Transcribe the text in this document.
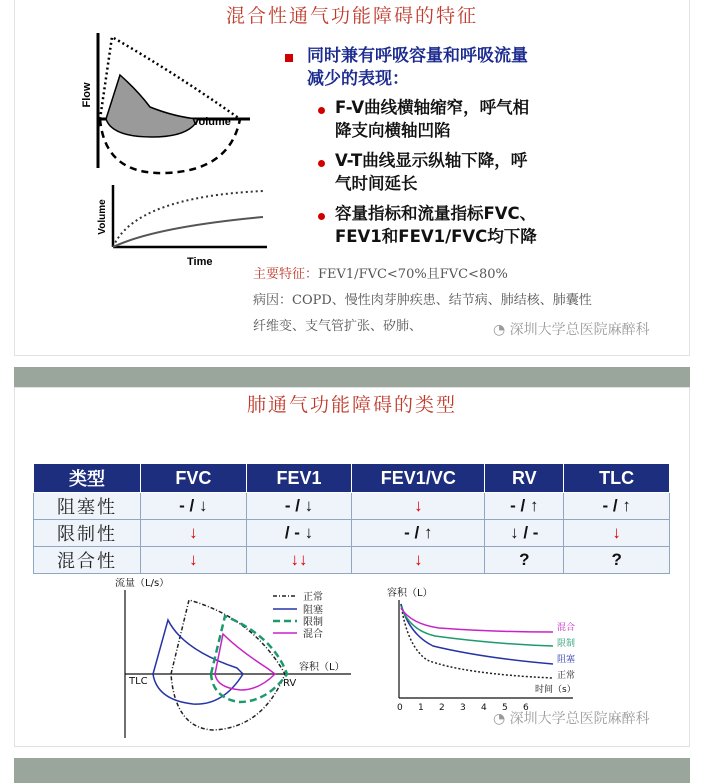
混合性通气功能障碍的特征
Flow
Volume
Volume
Time
同时兼有呼吸容量和呼吸流量
减少的表现：
F-V曲线横轴缩窄，呼气相
降支向横轴凹陷
V-T曲线显示纵轴下降，呼
气时间延长
容量指标和流量指标FVC、
FEV1和FEV1/FVC均下降
主要特征：FEV1/FVC<70%且FVC<80%
病因：COPD、慢性肉芽肿疾患、结节病、肺结核、肺囊性
纤维变、支气管扩张、矽肺、	◔ 深圳大学总医院麻醉科
肺通气功能障碍的类型
类型	FVC	FEV1	FEV1/VC	RV	TLC
阻塞性	- / ↓	- / ↓	↓	- / ↑	- / ↑
限制性	↓	/ - ↓	- / ↑	↓ / -	↓
混合性	↓	↓↓	↓	?	?
流量（L/s）
容积（L）
TLC	RV
正常
阻塞
限制
混合
容积（L）
混合
限制
阻塞
正常
时间（s）
0 1 2 3 4 5 6
◔ 深圳大学总医院麻醉科
